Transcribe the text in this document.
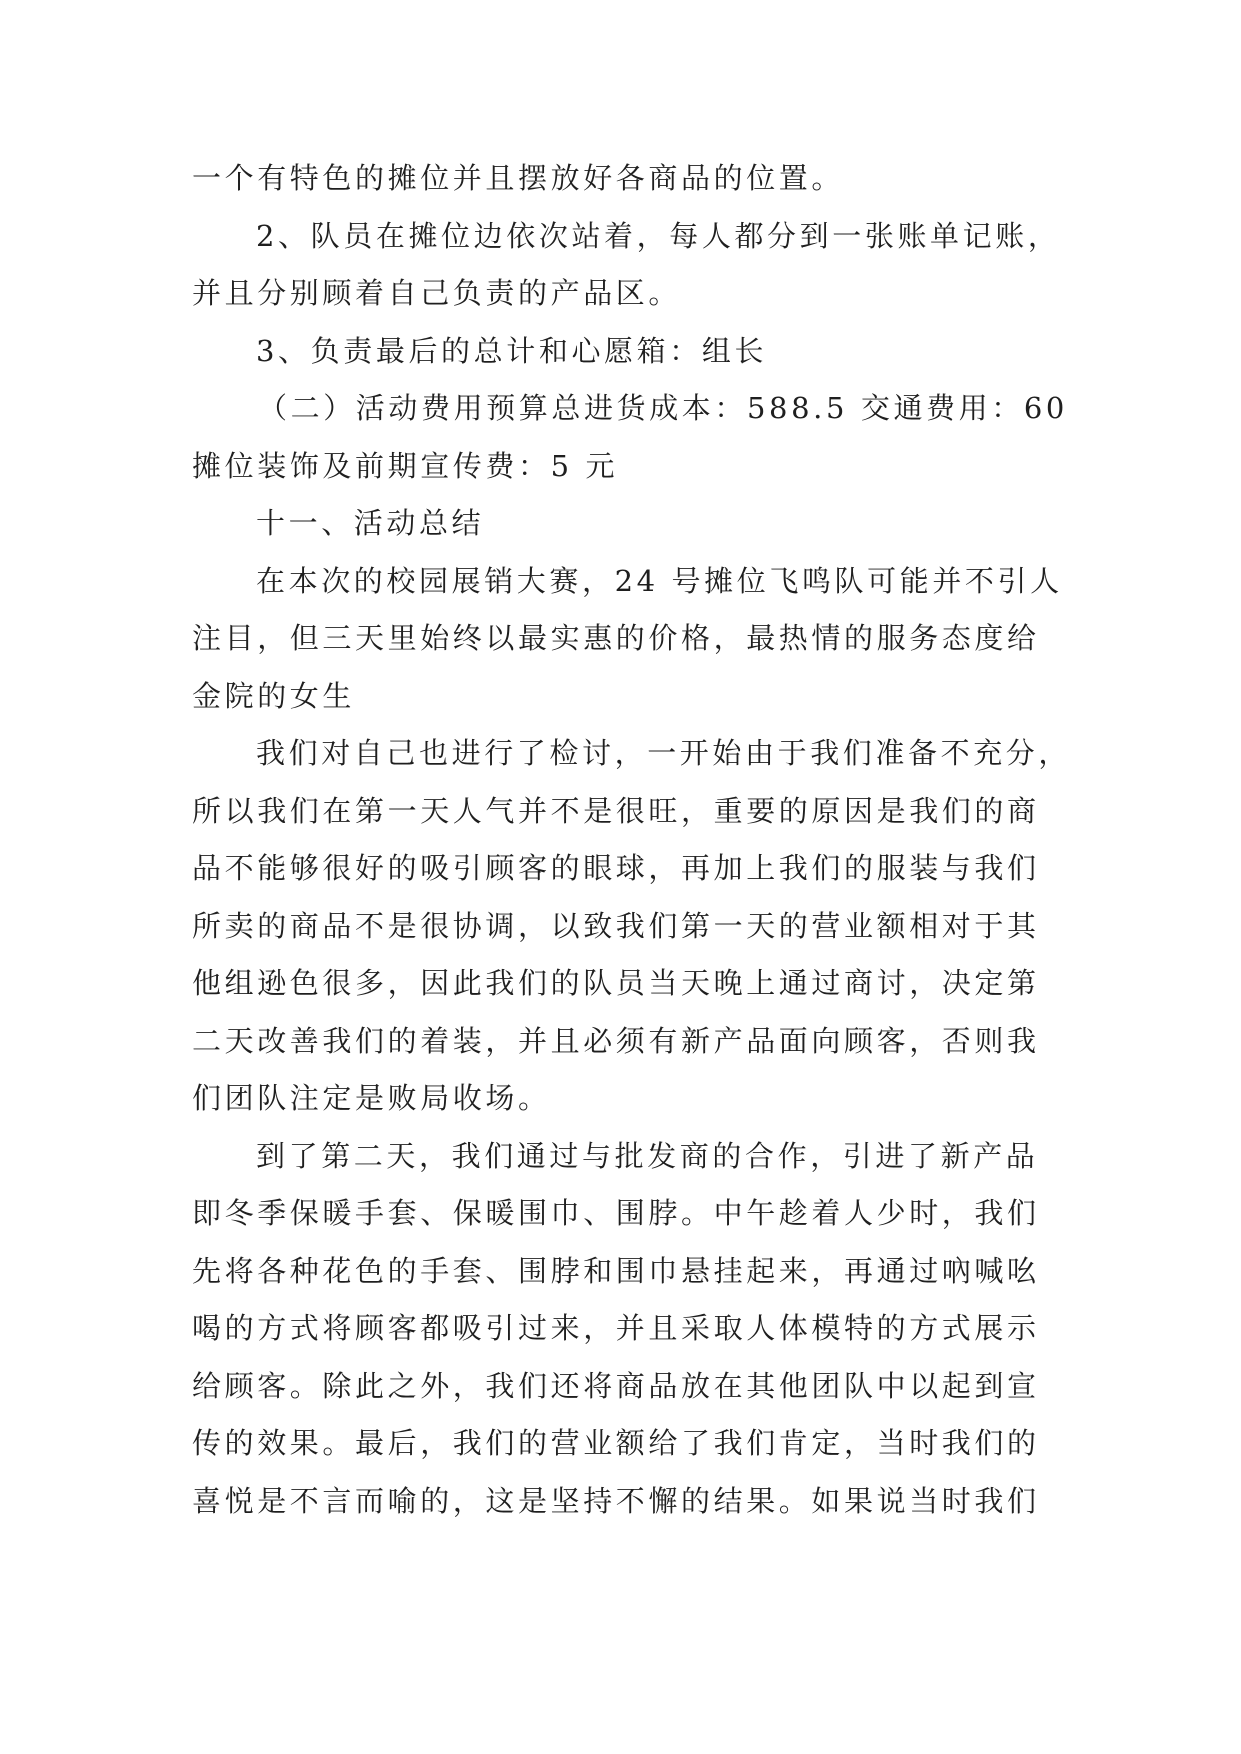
一个有特色的摊位并且摆放好各商品的位置。
2、队员在摊位边依次站着，每人都分到一张账单记账，
并且分别顾着自己负责的产品区。
3、负责最后的总计和心愿箱：组长
（二）活动费用预算总进货成本：588.5 交通费用：60
摊位装饰及前期宣传费：5 元
十一、活动总结
在本次的校园展销大赛，24 号摊位飞鸣队可能并不引人
注目，但三天里始终以最实惠的价格，最热情的服务态度给
金院的女生
我们对自己也进行了检讨，一开始由于我们准备不充分，
所以我们在第一天人气并不是很旺，重要的原因是我们的商
品不能够很好的吸引顾客的眼球，再加上我们的服装与我们
所卖的商品不是很协调，以致我们第一天的营业额相对于其
他组逊色很多，因此我们的队员当天晚上通过商讨，决定第
二天改善我们的着装，并且必须有新产品面向顾客，否则我
们团队注定是败局收场。
到了第二天，我们通过与批发商的合作，引进了新产品
即冬季保暖手套、保暖围巾、围脖。中午趁着人少时，我们
先将各种花色的手套、围脖和围巾悬挂起来，再通过吶喊吆
喝的方式将顾客都吸引过来，并且采取人体模特的方式展示
给顾客。除此之外，我们还将商品放在其他团队中以起到宣
传的效果。最后，我们的营业额给了我们肯定，当时我们的
喜悦是不言而喻的，这是坚持不懈的结果。如果说当时我们
